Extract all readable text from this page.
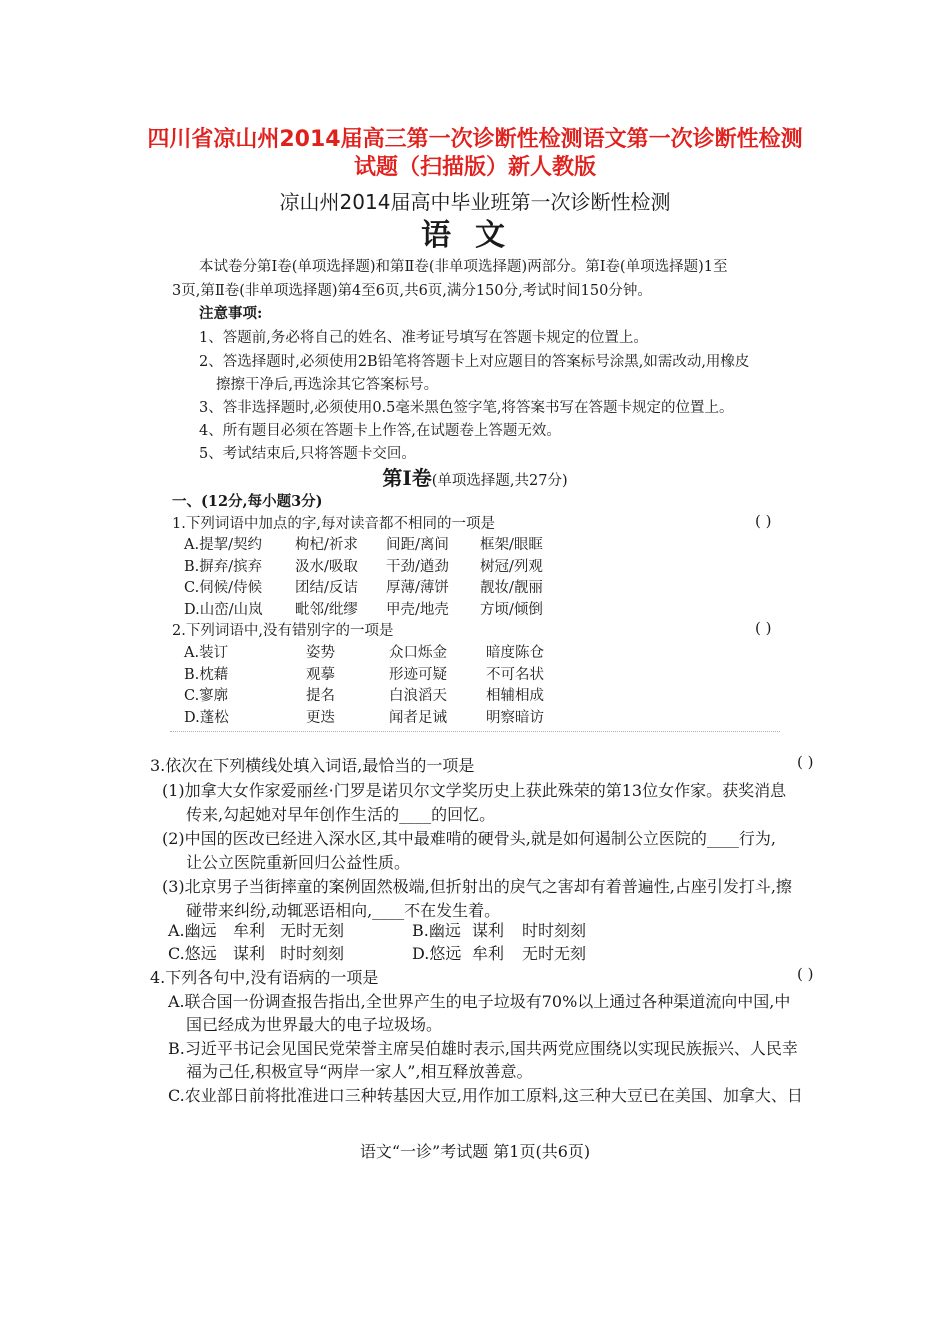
四川省凉山州2014届高三第一次诊断性检测语文第一次诊断性检测
试题（扫描版）新人教版
凉山州2014届高中毕业班第一次诊断性检测
语文
本试卷分第Ⅰ卷(单项选择题)和第Ⅱ卷(非单项选择题)两部分。第Ⅰ卷(单项选择题)1至
3页,第Ⅱ卷(非单项选择题)第4至6页,共6页,满分150分,考试时间150分钟。
注意事项:
1、答题前,务必将自己的姓名、准考证号填写在答题卡规定的位置上。
2、答选择题时,必须使用2B铅笔将答题卡上对应题目的答案标号涂黑,如需改动,用橡皮
擦擦干净后,再选涂其它答案标号。
3、答非选择题时,必须使用0.5毫米黑色签字笔,将答案书写在答题卡规定的位置上。
4、所有题目必须在答题卡上作答,在试题卷上答题无效。
5、考试结束后,只将答题卡交回。
第Ⅰ卷(单项选择题,共27分)
一、(12分,每小题3分)
1.下列词语中加点的字,每对读音都不相同的一项是	( )
A.提挈/契约 枸杞/祈求 间距/离间 框架/眼眶
B.摒弃/摈弃 汲水/吸取 干劲/遒劲 树冠/列观
C.伺候/侍候 团结/反诘 厚薄/薄饼 靓妆/靓丽
D.山峦/山岚 毗邻/纰缪 甲壳/地壳 方顷/倾倒
2.下列词语中,没有错别字的一项是	( )
A.装订	姿势	众口烁金	暗度陈仓
B.枕藉	观摹	形迹可疑	不可名状
C.寥廓	提名	白浪滔天	相辅相成
D.蓬松	更迭	闻者足诫	明察暗访
3.依次在下列横线处填入词语,最恰当的一项是	( )
(1)加拿大女作家爱丽丝·门罗是诺贝尔文学奖历史上获此殊荣的第13位女作家。获奖消息
传来,勾起她对早年创作生活的____的回忆。
(2)中国的医改已经进入深水区,其中最难啃的硬骨头,就是如何遏制公立医院的____行为,
让公立医院重新回归公益性质。
(3)北京男子当街摔童的案例固然极端,但折射出的戾气之害却有着普遍性,占座引发打斗,擦
碰带来纠纷,动辄恶语相向,____不在发生着。
A.幽远 牟利 无时无刻	B.幽远 谋利 时时刻刻
C.悠远 谋利 时时刻刻	D.悠远 牟利 无时无刻
4.下列各句中,没有语病的一项是	( )
A.联合国一份调查报告指出,全世界产生的电子垃圾有70%以上通过各种渠道流向中国,中
国已经成为世界最大的电子垃圾场。
B.习近平书记会见国民党荣誉主席吴伯雄时表示,国共两党应围绕以实现民族振兴、人民幸
福为己任,积极宣导“两岸一家人”,相互释放善意。
C.农业部日前将批准进口三种转基因大豆,用作加工原料,这三种大豆已在美国、加拿大、日
语文“一诊”考试题 第1页(共6页)
